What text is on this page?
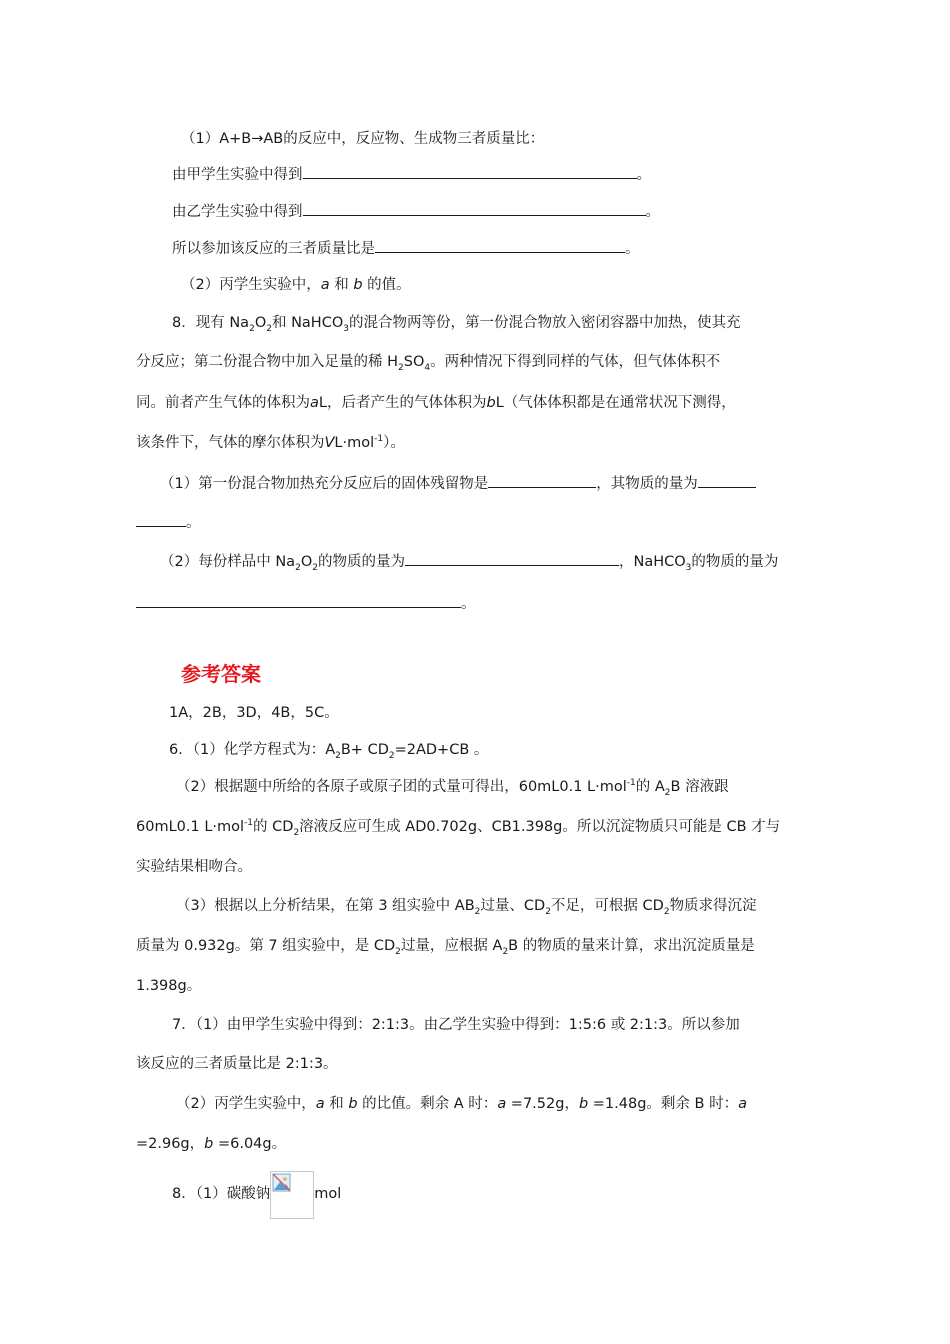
（1）A+B→AB的反应中，反应物、生成物三者质量比：
由甲学生实验中得到	。
由乙学生实验中得到	。
所以参加该反应的三者质量比是	。
（2）丙学生实验中，a 和 b 的值。
8．现有 $Na_2O_2$和 NaHCO$_3$的混合物两等份，第一份混合物放入密闭容器中加热，使其充
分反应；第二份混合物中加入足量的稀 $H_2SO_4$。两种情况下得到同样的气体，但气体体积不
同。前者产生气体的体积为aL，后者产生的气体体积为bL（气体体积都是在通常状况下测得，
该条件下，气体的摩尔体积为VL·mol$^{-1}$）。
（1）第一份混合物加热充分反应后的固体残留物是	，其物质的量为
。
（2）每份样品中 $Na_2O_2$的物质的量为	，NaHCO$_3$的物质的量为
。
参考答案
1A，2B，3D，4B，5C。
6．（1）化学方程式为：$A_2B+ CD_2=2AD+CB$ 。
（2）根据题中所给的各原子或原子团的式量可得出，60mL0.1 L·mol$^{-1}$的 $A_2B$ 溶液跟
60mL0.1 L·mol$^{-1}$的 $CD_2$溶液反应可生成 AD0.702g、CB1.398g。所以沉淀物质只可能是 CB 才与
实验结果相吻合。
（3）根据以上分析结果，在第 3 组实验中 $AB_2$过量、$CD_2$不足，可根据 $CD_2$物质求得沉淀
质量为 0.932g。第 7 组实验中，是 $CD_2$过量，应根据 $A_2B$ 的物质的量来计算，求出沉淀质量是
1.398g。
7．（1）由甲学生实验中得到：2:1:3。由乙学生实验中得到：1:5:6 或 2:1:3。所以参加
该反应的三者质量比是 2:1:3。
（2）丙学生实验中，a 和 b 的比值。剩余 A 时：a =7.52g，b =1.48g。剩余 B 时：a
=2.96g，b =6.04g。
8．（1）碳酸钠	mol
